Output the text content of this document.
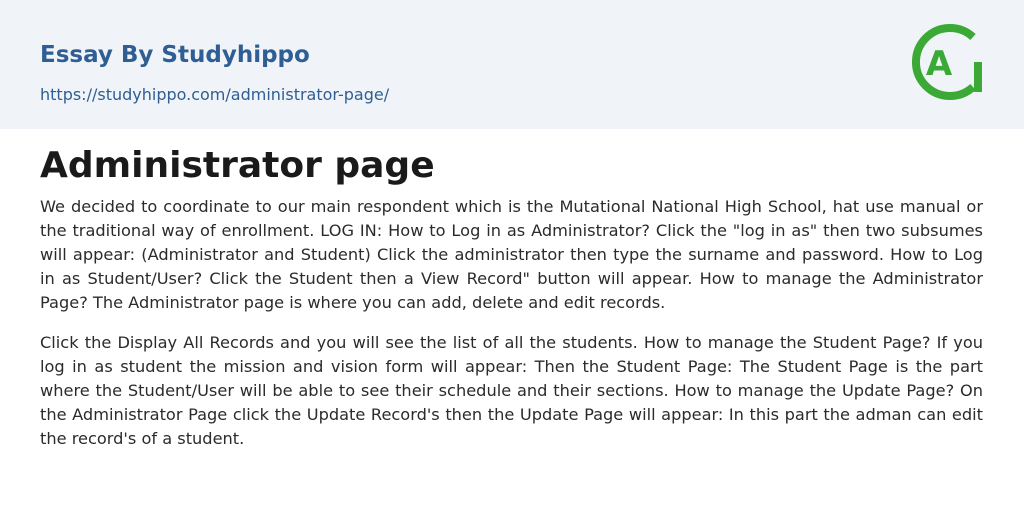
Essay By Studyhippo
https://studyhippo.com/administrator-page/
A
Administrator page

We decided to coordinate to our main respondent which is the Mutational National High School, hat use manual or the traditional way of enrollment. LOG IN: How to Log in as Administrator? Click the "log in as" then two subsumes will appear: (Administrator and Student) Click the administrator then type the surname and password. How to Log in as Student/User? Click the Student then a View Record" button will appear. How to manage the Administrator Page? The Administrator page is where you can add, delete and edit records.

Click the Display All Records and you will see the list of all the students. How to manage the Student Page? If you log in as student the mission and vision form will appear: Then the Student Page: The Student Page is the part where the Student/User will be able to see their schedule and their sections. How to manage the Update Page? On the Administrator Page click the Update Record's then the Update Page will appear: In this part the adman can edit the record's of a student.
